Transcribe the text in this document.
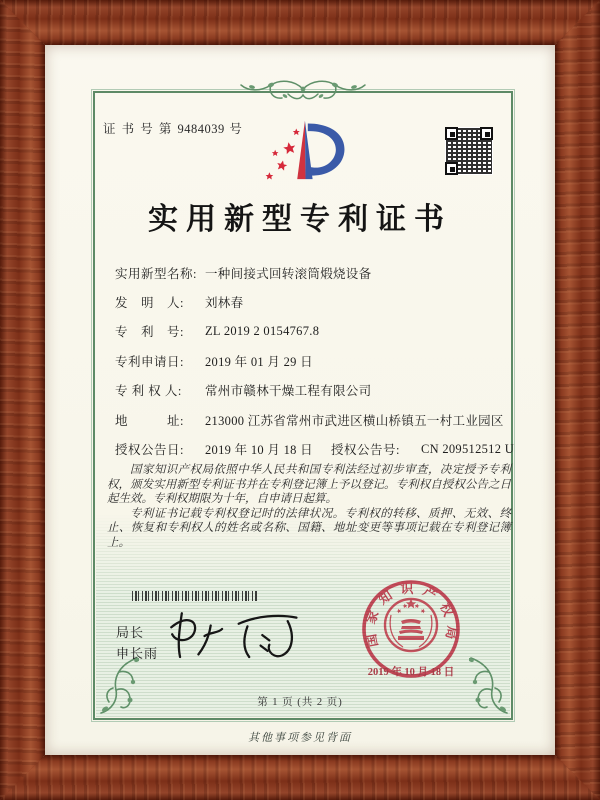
证 书 号 第 9484039 号
实用新型专利证书
实用新型名称: 一种间接式回转滚筒煅烧设备
发　明　人:	刘林春
专　利　号:	ZL 2019 2 0154767.8
专利申请日:	2019 年 01 月 29 日
专 利 权 人:	常州市赣林干燥工程有限公司
地　　　址:	213000 江苏省常州市武进区横山桥镇五一村工业园区
授权公告日:	2019 年 10 月 18 日 授权公告号:	CN 209512512 U

国家知识产权局依照中华人民共和国专利法经过初步审查，决定授予专利权，颁发实用新型专利证书并在专利登记簿上予以登记。专利权自授权公告之日起生效。专利权期限为十年，自申请日起算。

专利证书记载专利权登记时的法律状况。专利权的转移、质押、无效、终止、恢复和专利权人的姓名或名称、国籍、地址变更等事项记载在专利登记簿上。

局长
申长雨
国家知识产权局
2019 年 10 月 18 日
第 1 页 (共 2 页)
其他事项参见背面
